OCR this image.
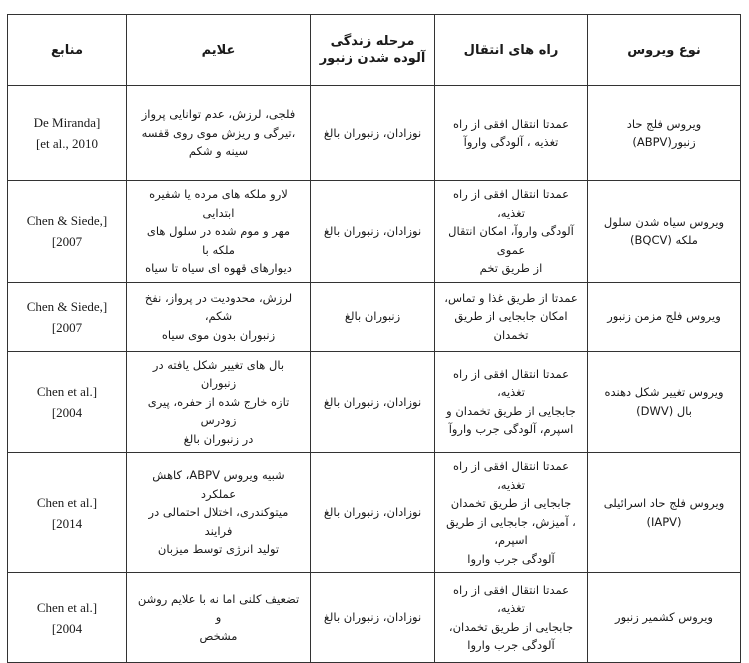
نوع ویروس	راه های انتقال	مرحله زندگی آلوده شدن زنبور	علایم	منابع

ویروس فلج حاد
زنبور(ABPV)	عمدتا انتقال افقی از راه
تغذیه ، آلودگی واروآ	نوزادان، زنبوران بالغ	فلجی، لرزش، عدم توانایی پرواز
،تیرگی و ریزش موی روی قفسه
سینه و شکم	De Miranda]
[et al., 2010

ویروس سیاه شدن سلول
ملکه (BQCV)	عمدتا انتقال افقی از راه تغذیه،
آلودگی واروآ، امکان انتقال عموی
از طریق تخم	نوزادان، زنبوران بالغ	لارو ملکه های مرده یا شفیره ابتدایی
مهر و موم شده در سلول های ملکه با
دیوارهای قهوه ای سیاه تا سیاه	Chen & Siede,]
[2007

ویروس فلج مزمن زنبور	عمدتا از طریق غذا و تماس،
امکان جابجایی از طریق تخمدان	زنبوران بالغ	لرزش، محدودیت در پرواز، نفخ شکم،
زنبوران بدون موی سیاه	Chen & Siede,]
[2007

ویروس تغییر شکل دهنده
بال (DWV)	عمدتا انتقال افقی از راه تغذیه،
جابجایی از طریق تخمدان و
اسپرم، آلودگی جرب واروآ	نوزادان، زنبوران بالغ	بال های تغییر شکل یافته در زنبوران
تازه خارج شده از حفره، پیری زودرس
در زنبوران بالغ	Chen et al.]
[2004

ویروس فلج حاد اسرائیلی
(IAPV)	عمدتا انتقال افقی از راه تغذیه،
جابجایی از طریق تخمدان
، آمیزش، جابجایی از طریق اسپرم،
آلودگی جرب واروا	نوزادان، زنبوران بالغ	شبیه ویروس ABPV، کاهش عملکرد
میتوکندری، اختلال احتمالی در فرایند
تولید انرژی توسط میزبان	Chen et al.]
[2014

ویروس کشمیر زنبور	عمدتا انتقال افقی از راه تغذیه،
جابجایی از طریق تخمدان،
آلودگی جرب واروا	نوزادان، زنبوران بالغ	تضعیف کلنی اما نه با علایم روشن و
مشخص	Chen et al.]
[2004
